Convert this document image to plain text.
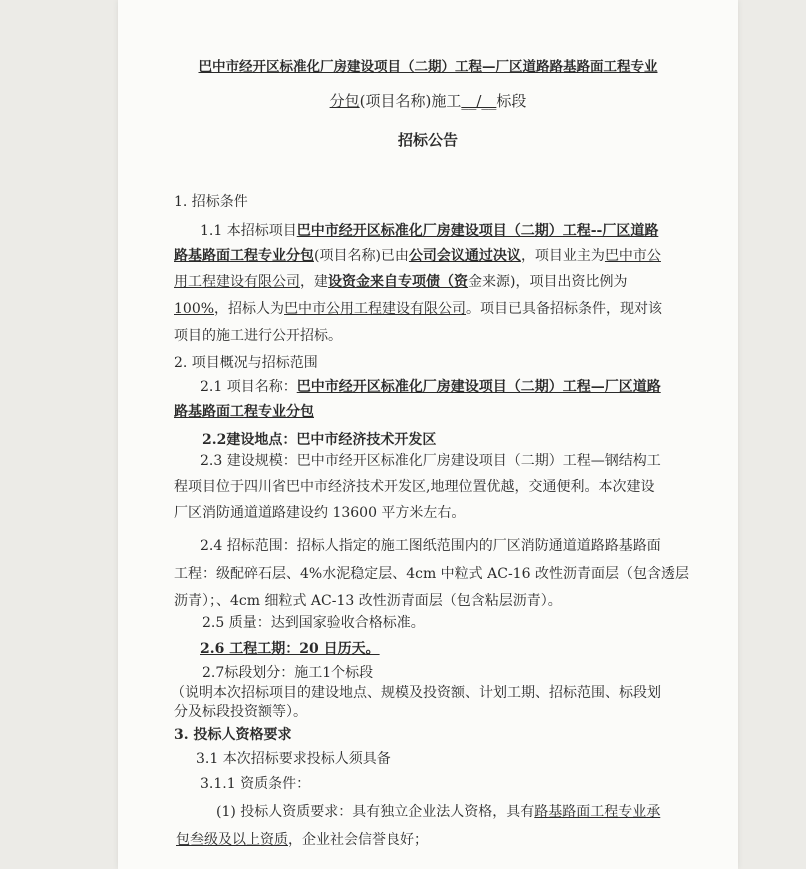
巴中市经开区标准化厂房建设项目（二期）工程—厂区道路路基路面工程专业
分包(项目名称)施工__/__标段
招标公告
1. 招标条件
1.1 本招标项目巴中市经开区标准化厂房建设项目（二期）工程--厂区道路
路基路面工程专业分包(项目名称)已由公司会议通过决议，项目业主为巴中市公
用工程建设有限公司，建设资金来自专项债（资金来源)，项目出资比例为
100%，招标人为巴中市公用工程建设有限公司。项目已具备招标条件，现对该
项目的施工进行公开招标。
2. 项目概况与招标范围
2.1 项目名称：巴中市经开区标准化厂房建设项目（二期）工程—厂区道路
路基路面工程专业分包
2.2建设地点：巴中市经济技术开发区
2.3 建设规模：巴中市经开区标准化厂房建设项目（二期）工程—钢结构工
程项目位于四川省巴中市经济技术开发区,地理位置优越，交通便利。本次建设
厂区消防通道道路建设约 13600 平方米左右。
2.4 招标范围：招标人指定的施工图纸范围内的厂区消防通道道路路基路面
工程：级配碎石层、4%水泥稳定层、4cm 中粒式 AC-16 改性沥青面层（包含透层
沥青）；、4cm 细粒式 AC-13 改性沥青面层（包含粘层沥青）。
2.5 质量：达到国家验收合格标准。
2.6 工程工期：20 日历天。
2.7标段划分：施工1个标段
（说明本次招标项目的建设地点、规模及投资额、计划工期、招标范围、标段划
分及标段投资额等）。
3. 投标人资格要求
3.1 本次招标要求投标人须具备
3.1.1 资质条件：
(1) 投标人资质要求：具有独立企业法人资格，具有路基路面工程专业承
包叁级及以上资质，企业社会信誉良好；
